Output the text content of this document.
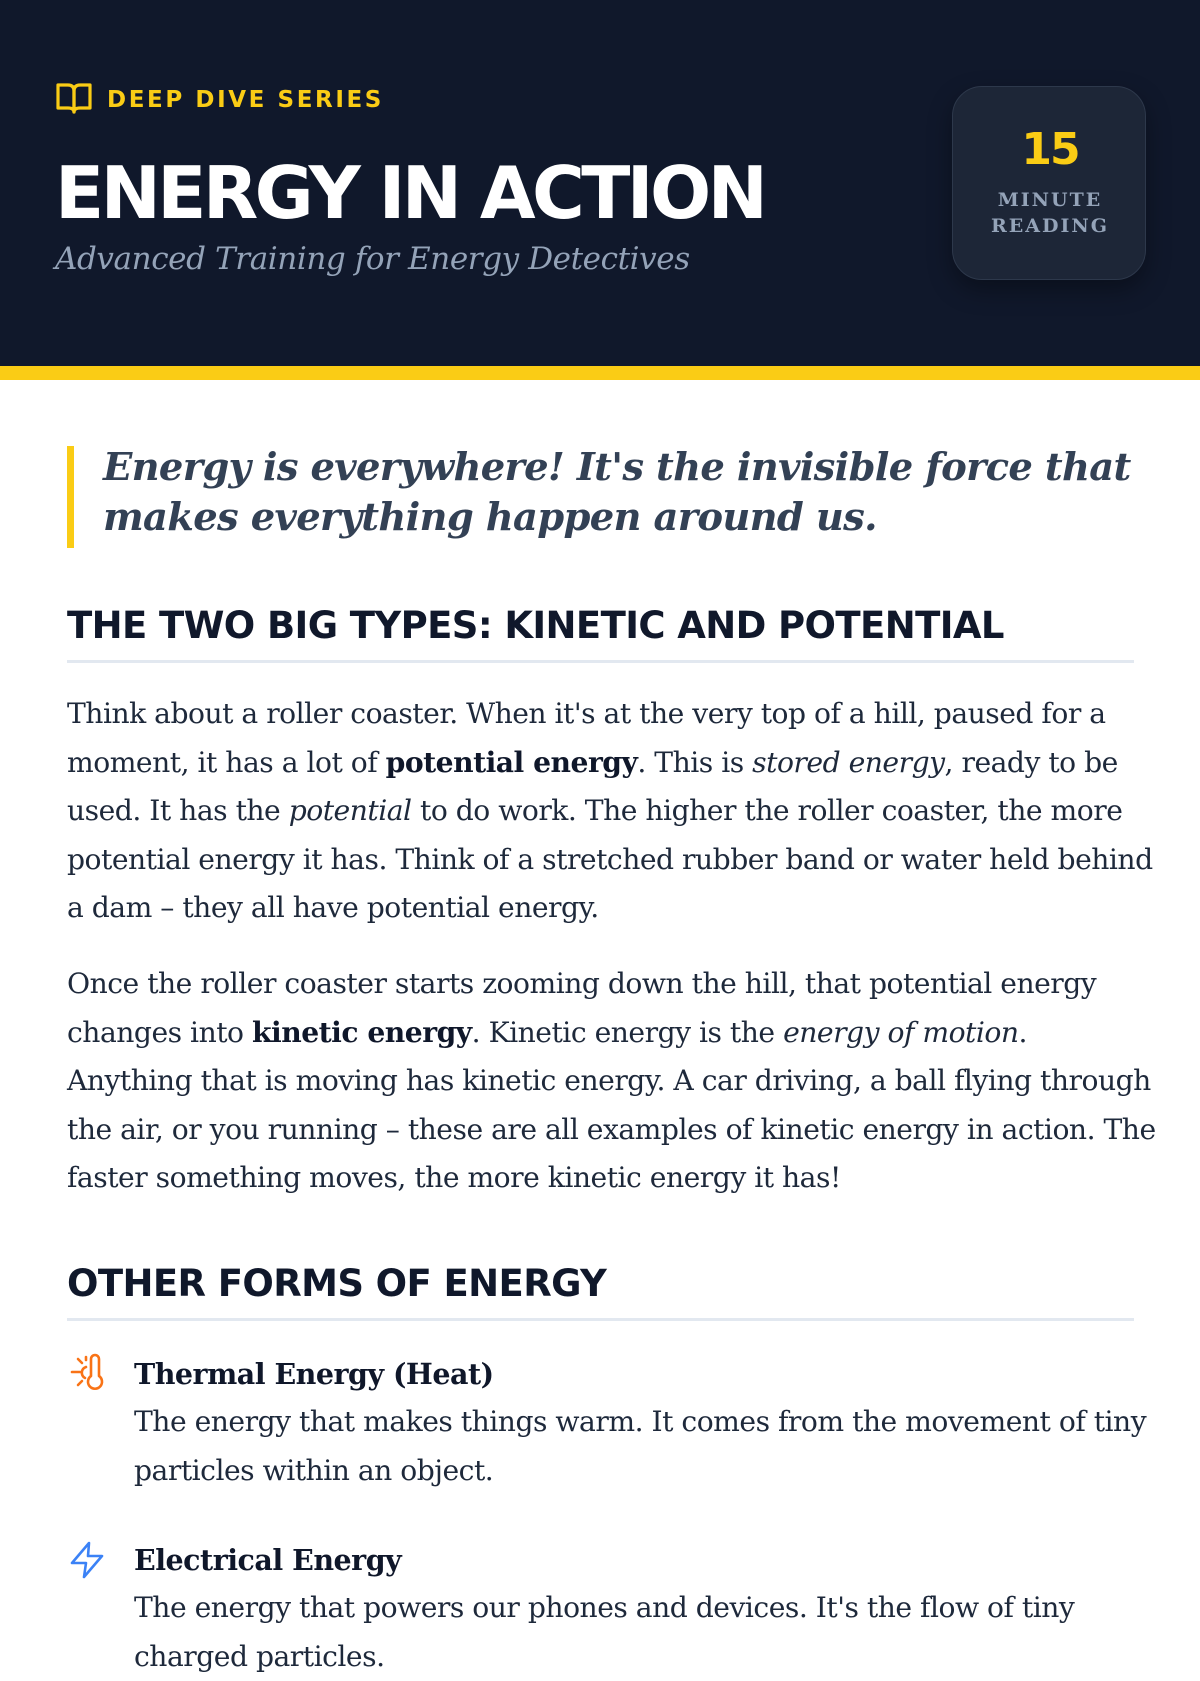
DEEP DIVE SERIES
ENERGY IN ACTION
Advanced Training for Energy Detectives
15
MINUTE
READING
Energy is everywhere! It's the invisible force that makes everything happen around us.
THE TWO BIG TYPES: KINETIC AND POTENTIAL

Think about a roller coaster. When it's at the very top of a hill, paused for a moment, it has a lot of potential energy. This is stored energy, ready to be used. It has the potential to do work. The higher the roller coaster, the more potential energy it has. Think of a stretched rubber band or water held behind a dam – they all have potential energy.

Once the roller coaster starts zooming down the hill, that potential energy changes into kinetic energy. Kinetic energy is the energy of motion. Anything that is moving has kinetic energy. A car driving, a ball flying through the air, or you running – these are all examples of kinetic energy in action. The faster something moves, the more kinetic energy it has!

OTHER FORMS OF ENERGY
Thermal Energy (Heat)
The energy that makes things warm. It comes from the movement of tiny particles within an object.
Electrical Energy
The energy that powers our phones and devices. It's the flow of tiny charged particles.
